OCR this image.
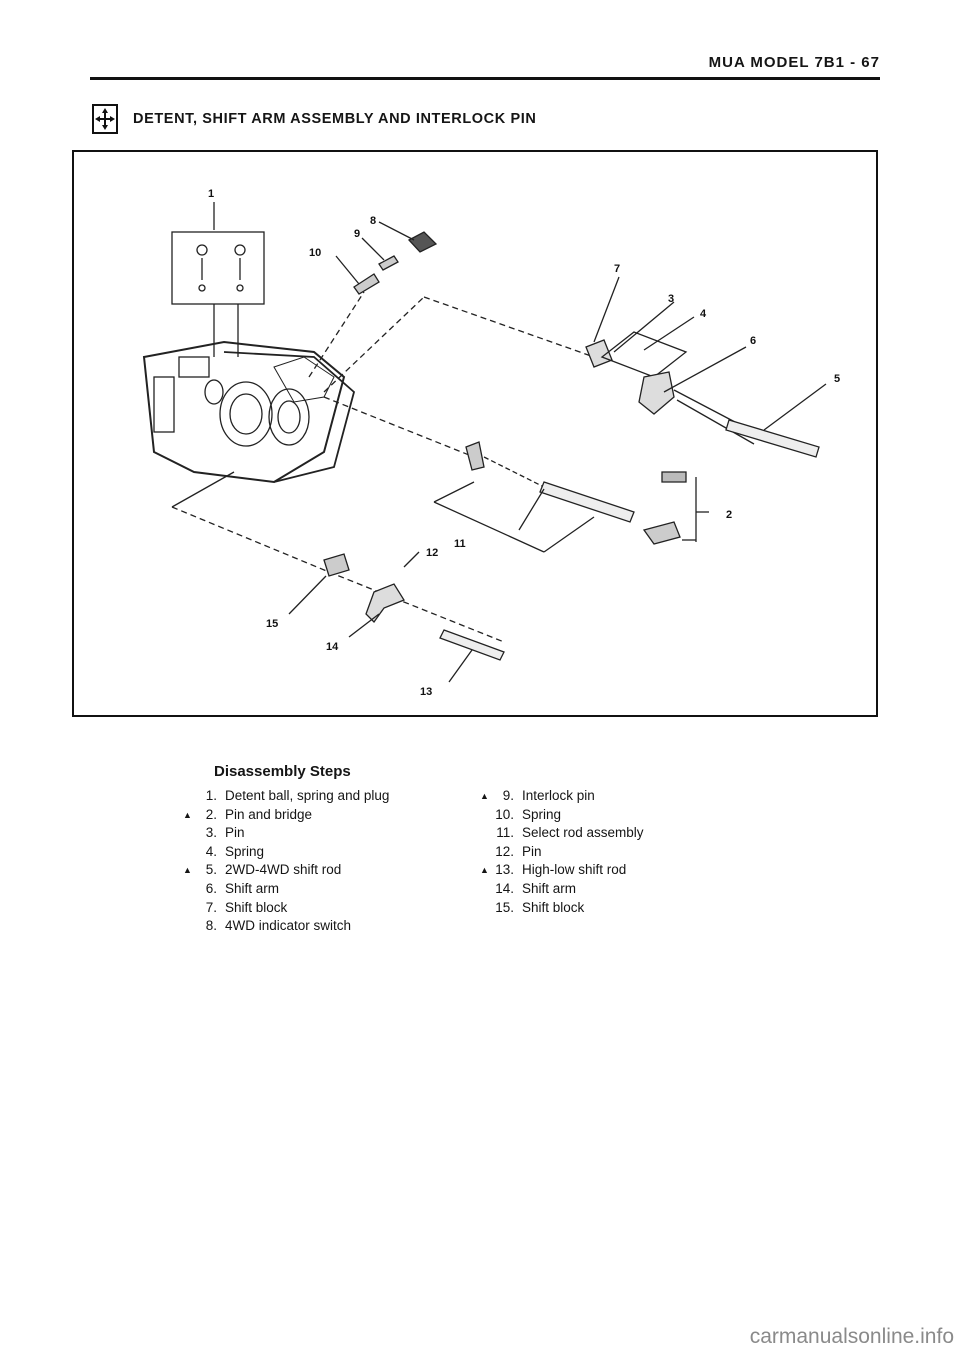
MUA MODEL 7B1 - 67
DETENT, SHIFT ARM ASSEMBLY AND INTERLOCK PIN
1
2
3
4
5
6
7
8
9
10
11
12
13
14
15
Disassembly Steps
1. Detent ball, spring and plug
▲	2. Pin and bridge
3. Pin
4. Spring
▲	5. 2WD-4WD shift rod
6. Shift arm
7. Shift block
8. 4WD indicator switch
▲	9. Interlock pin
10. Spring
11. Select rod assembly
12. Pin
▲ 13. High-low shift rod
14. Shift arm
15. Shift block
carmanualsonline.info
